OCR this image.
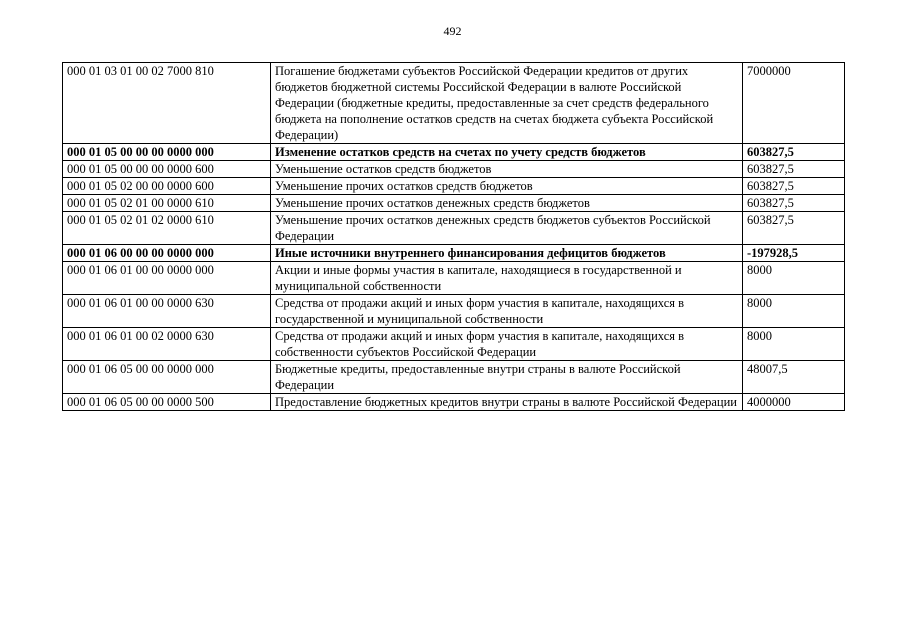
492
000 01 03 01 00 02 7000 810	Погашение бюджетами субъектов Российской Федерации кредитов от других бюджетов бюджетной системы Российской Федерации в валюте Российской Федерации (бюджетные кредиты, предоставленные за счет средств федерального бюджета на пополнение остатков средств на счетах бюджета субъекта Российской Федерации)	7000000
000 01 05 00 00 00 0000 000	Изменение остатков средств на счетах по учету средств бюджетов	603827,5
000 01 05 00 00 00 0000 600	Уменьшение остатков средств бюджетов	603827,5
000 01 05 02 00 00 0000 600	Уменьшение прочих остатков средств бюджетов	603827,5
000 01 05 02 01 00 0000 610	Уменьшение прочих остатков денежных средств бюджетов	603827,5
000 01 05 02 01 02 0000 610	Уменьшение прочих остатков денежных средств бюджетов субъектов Российской Федерации	603827,5
000 01 06 00 00 00 0000 000	Иные источники внутреннего финансирования дефицитов бюджетов	-197928,5
000 01 06 01 00 00 0000 000	Акции и иные формы участия в капитале, находящиеся в государственной и муниципальной собственности	8000
000 01 06 01 00 00 0000 630	Средства от продажи акций и иных форм участия в капитале, находящихся в государственной и муниципальной собственности	8000
000 01 06 01 00 02 0000 630	Средства от продажи акций и иных форм участия в капитале, находящихся в собственности субъектов Российской Федерации	8000
000 01 06 05 00 00 0000 000	Бюджетные кредиты, предоставленные внутри страны в валюте Российской Федерации	48007,5
000 01 06 05 00 00 0000 500	Предоставление бюджетных кредитов внутри страны в валюте Российской Федерации	4000000
